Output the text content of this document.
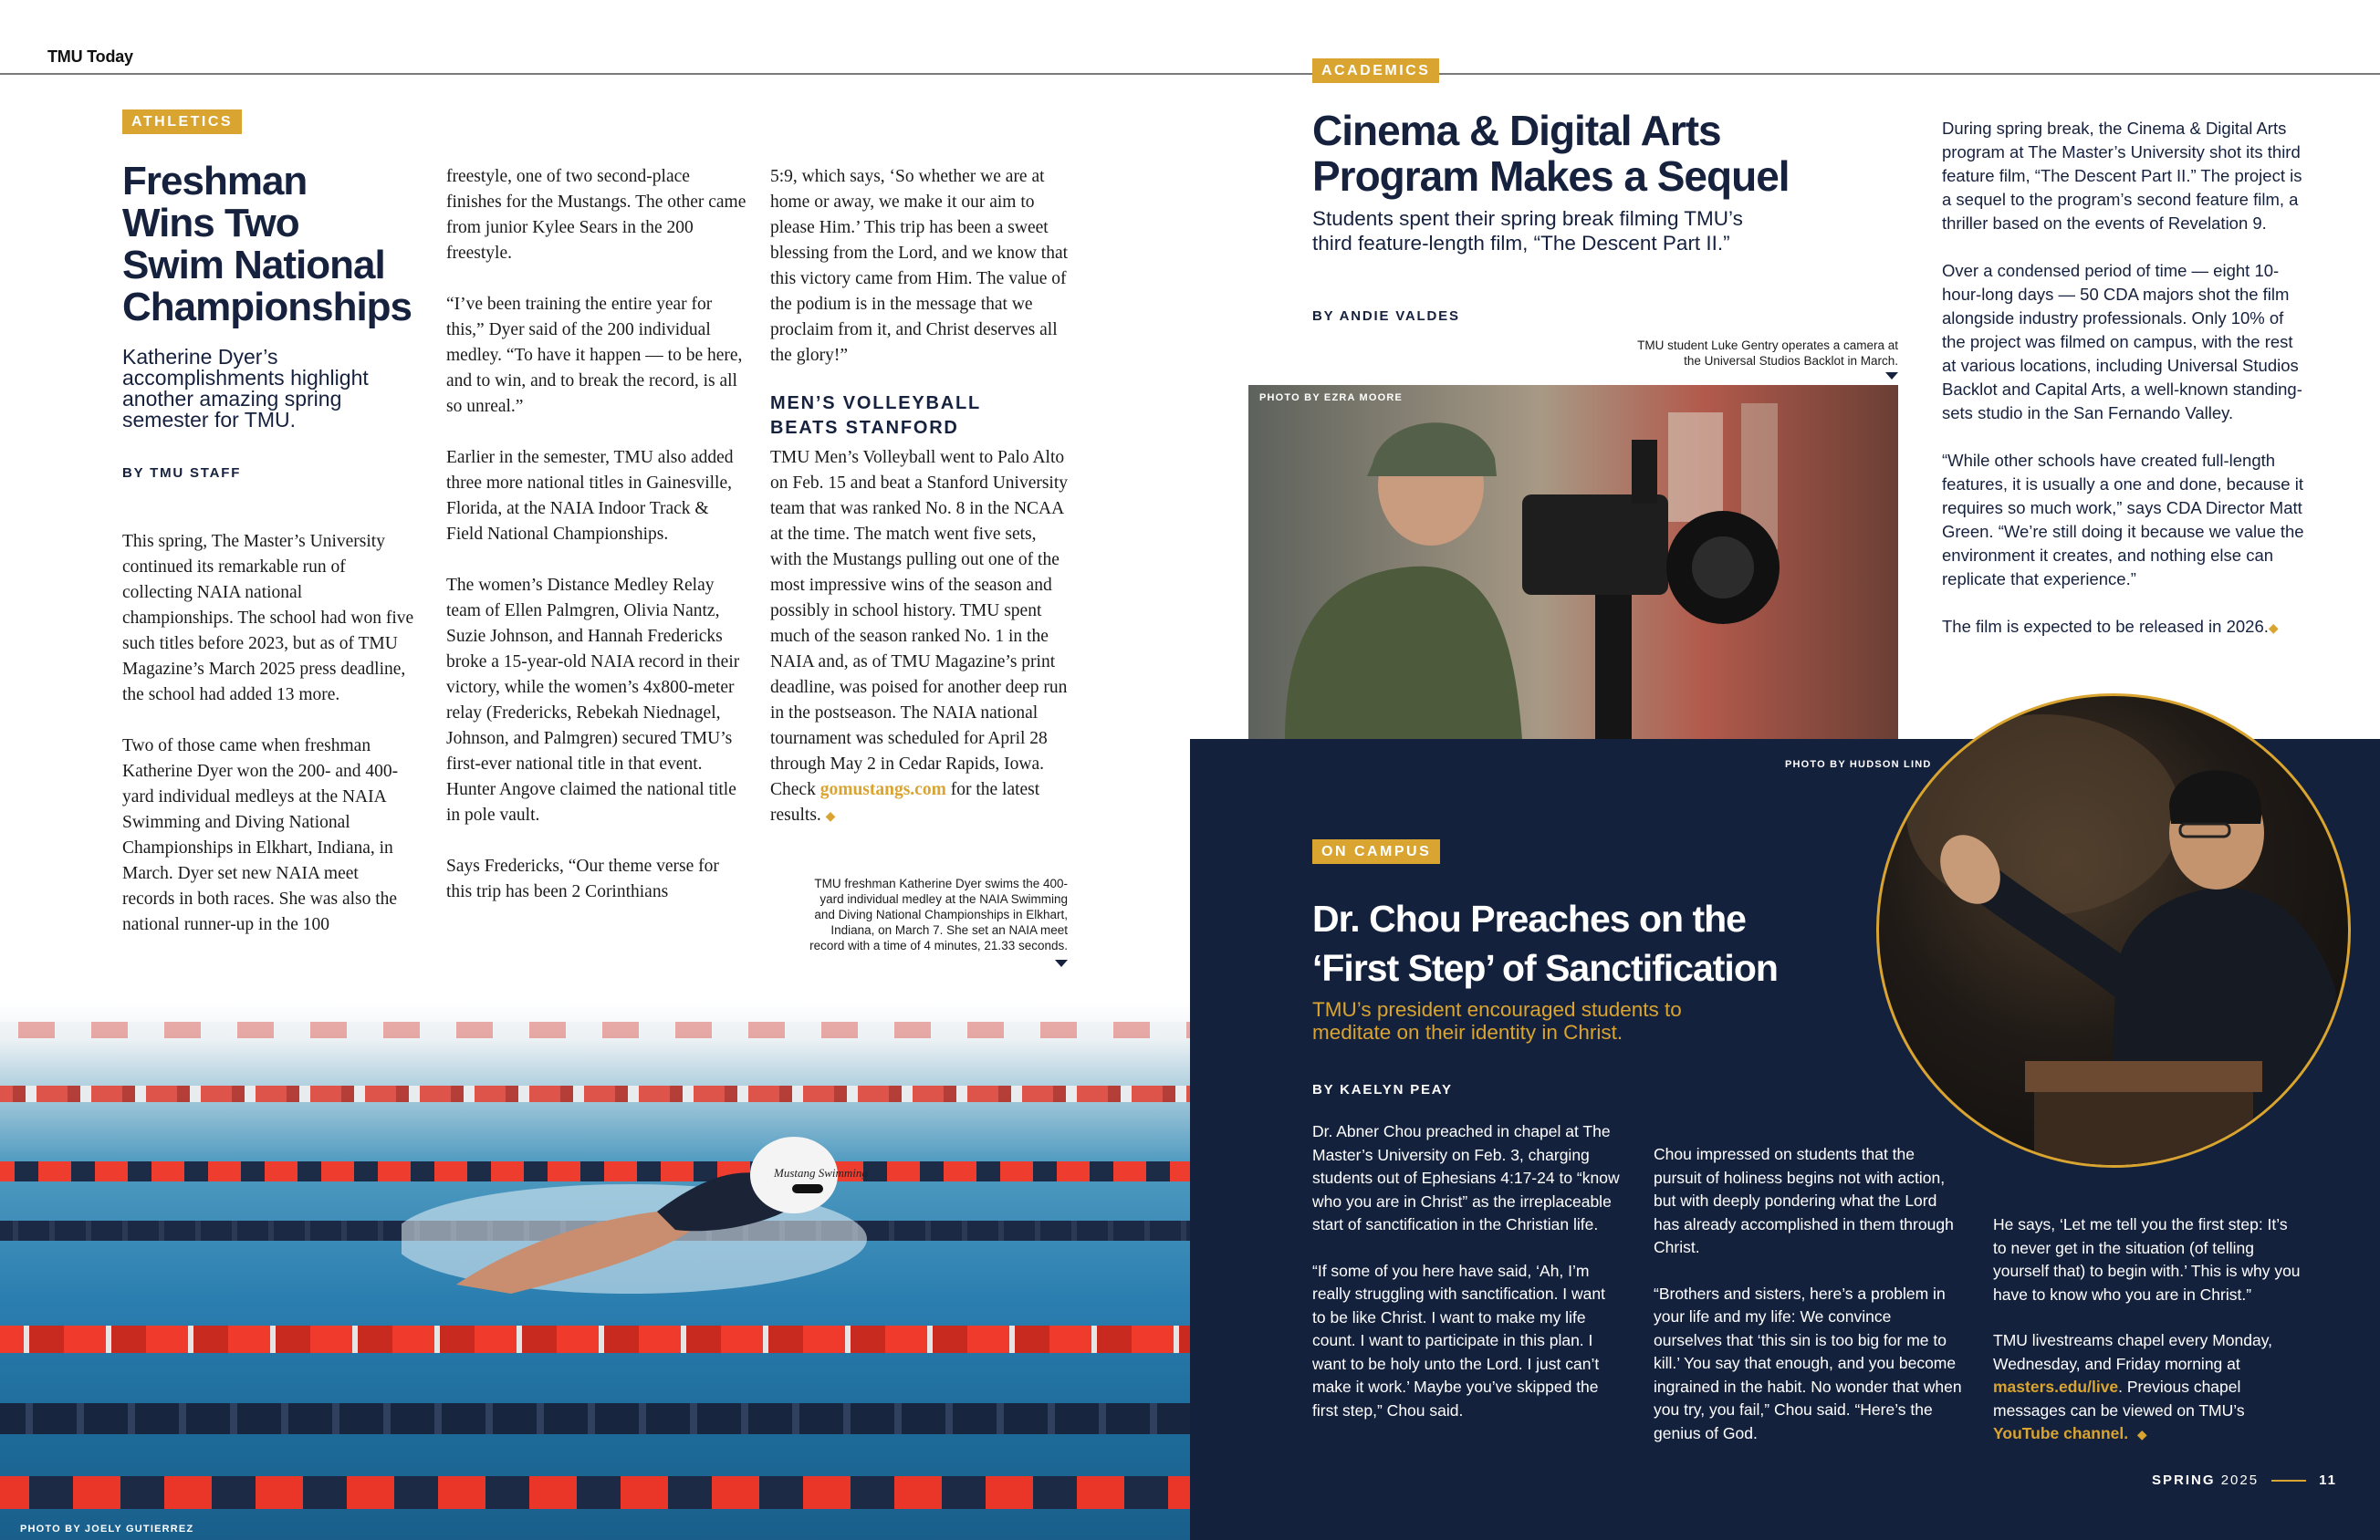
TMU Today
ATHLETICS
Freshman
Wins Two
Swim National
Championships
Katherine Dyer’s accomplishments highlight another amazing spring semester for TMU.
BY TMU STAFF

This spring, The Master’s University continued its remarkable run of collecting NAIA national championships. The school had won five such titles before 2023, but as of TMU Magazine’s March 2025 press deadline, the school had added 13 more.

Two of those came when freshman Katherine Dyer won the 200- and 400-yard individual medleys at the NAIA Swimming and Diving National Championships in Elkhart, Indiana, in March. Dyer set new NAIA meet records in both races. She was also the national runner-up in the 100

freestyle, one of two second-place finishes for the Mustangs. The other came from junior Kylee Sears in the 200 freestyle.

“I’ve been training the entire year for this,” Dyer said of the 200 individual medley. “To have it happen — to be here, and to win, and to break the record, is all so unreal.”

Earlier in the semester, TMU also added three more national titles in Gainesville, Florida, at the NAIA Indoor Track & Field National Championships.

The women’s Distance Medley Relay team of Ellen Palmgren, Olivia Nantz, Suzie Johnson, and Hannah Fredericks broke a 15-year-old NAIA record in their victory, while the women’s 4x800-meter relay (Fredericks, Rebekah Niednagel, Johnson, and Palmgren) secured TMU’s first-ever national title in that event. Hunter Angove claimed the national title in pole vault.

Says Fredericks, “Our theme verse for this trip has been 2 Corinthians

5:9, which says, ‘So whether we are at home or away, we make it our aim to please Him.’ This trip has been a sweet blessing from the Lord, and we know that this victory came from Him. The value of the podium is in the message that we proclaim from it, and Christ deserves all the glory!”

MEN’S VOLLEYBALL
BEATS STANFORD
TMU Men’s Volleyball went to Palo Alto on Feb. 15 and beat a Stanford University team that was ranked No. 8 in the NCAA at the time. The match went five sets, with the Mustangs pulling out one of the most impressive wins of the season and possibly in school history. TMU spent much of the season ranked No. 1 in the NAIA and, as of TMU Magazine’s print deadline, was poised for another deep run in the postseason. The NAIA national tournament was scheduled for April 28 through May 2 in Cedar Rapids, Iowa. Check gomustangs.com for the latest results. ◆
TMU freshman Katherine Dyer swims the 400-
yard individual medley at the NAIA Swimming
and Diving National Championships in Elkhart,
Indiana, on March 7. She set an NAIA meet
record with a time of 4 minutes, 21.33 seconds.
Mustang Swimming
PHOTO BY JOELY GUTIERREZ
ACADEMICS
Cinema & Digital Arts
Program Makes a Sequel
Students spent their spring break filming TMU’s
third feature-length film, “The Descent Part II.”
BY ANDIE VALDES
TMU student Luke Gentry operates a camera at
the Universal Studios Backlot in March.
PHOTO BY EZRA MOORE

During spring break, the Cinema & Digital Arts program at The Master’s University shot its third feature film, “The Descent Part II.” The project is a sequel to the program’s second feature film, a thriller based on the events of Revelation 9.

Over a condensed period of time — eight 10-hour-long days — 50 CDA majors shot the film alongside industry professionals. Only 10% of the project was filmed on campus, with the rest at various locations, including Universal Studios Backlot and Capital Arts, a well-known standing-sets studio in the San Fernando Valley.

“While other schools have created full-length features, it is usually a one and done, because it requires so much work,” says CDA Director Matt Green. “We’re still doing it because we value the environment it creates, and nothing else can replicate that experience.”

The film is expected to be released in 2026.◆

PHOTO BY HUDSON LIND
ON CAMPUS
Dr. Chou Preaches on the
‘First Step’ of Sanctification
TMU’s president encouraged students to
meditate on their identity in Christ.
BY KAELYN PEAY

Dr. Abner Chou preached in chapel at The Master’s University on Feb. 3, charging students out of Ephesians 4:17-24 to “know who you are in Christ” as the irreplaceable start of sanctification in the Christian life.

“If some of you here have said, ‘Ah, I’m really struggling with sanctification. I want to be like Christ. I want to make my life count. I want to participate in this plan. I want to be holy unto the Lord. I just can’t make it work.’ Maybe you’ve skipped the first step,” Chou said.

Chou impressed on students that the pursuit of holiness begins not with action, but with deeply pondering what the Lord has already accomplished in them through Christ.

“Brothers and sisters, here’s a problem in your life and my life: We convince ourselves that ‘this sin is too big for me to kill.’ You say that enough, and you become ingrained in the habit. No wonder that when you try, you fail,” Chou said. “Here’s the genius of God.

He says, ‘Let me tell you the first step: It’s to never get in the situation (of telling yourself that) to begin with.’ This is why you have to know who you are in Christ.”

TMU livestreams chapel every Monday, Wednesday, and Friday morning at masters.edu/live. Previous chapel messages can be viewed on TMU’s YouTube channel. ◆

SPRING 2025	11
